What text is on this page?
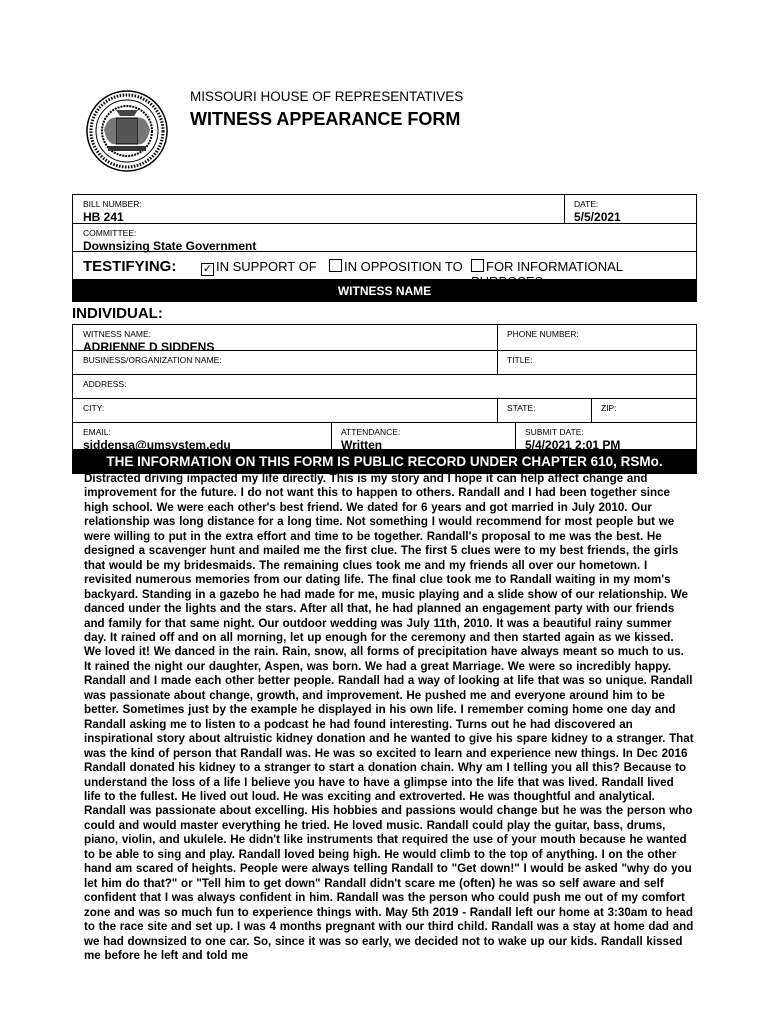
MISSOURI HOUSE OF REPRESENTATIVES
WITNESS APPEARANCE FORM
BILL NUMBER:
HB 241
DATE:
5/5/2021
COMMITTEE:
Downsizing State Government
TESTIFYING: ✓ IN SUPPORT OF	IN OPPOSITION TO	FOR INFORMATIONAL PURPOSES
WITNESS NAME
INDIVIDUAL:
WITNESS NAME:
ADRIENNE D SIDDENS
PHONE NUMBER:
BUSINESS/ORGANIZATION NAME:	TITLE:
ADDRESS:
CITY:	STATE:	ZIP:
EMAIL:
siddensa@umsystem.edu
ATTENDANCE:
Written
SUBMIT DATE:
5/4/2021 2:01 PM
THE INFORMATION ON THIS FORM IS PUBLIC RECORD UNDER CHAPTER 610, RSMo.
Distracted driving impacted my life directly. This is my story and I hope it can help affect change and improvement for the future. I do not want this to happen to others. Randall and I had been together since high school. We were each other's best friend. We dated for 6 years and got married in July 2010. Our relationship was long distance for a long time. Not something I would recommend for most people but we were willing to put in the extra effort and time to be together. Randall's proposal to me was the best. He designed a scavenger hunt and mailed me the first clue. The first 5 clues were to my best friends, the girls that would be my bridesmaids. The remaining clues took me and my friends all over our hometown. I revisited numerous memories from our dating life. The final clue took me to Randall waiting in my mom's backyard. Standing in a gazebo he had made for me, music playing and a slide show of our relationship. We danced under the lights and the stars. After all that, he had planned an engagement party with our friends and family for that same night. Our outdoor wedding was July 11th, 2010. It was a beautiful rainy summer day. It rained off and on all morning, let up enough for the ceremony and then started again as we kissed. We loved it! We danced in the rain. Rain, snow, all forms of precipitation have always meant so much to us. It rained the night our daughter, Aspen, was born. We had a great Marriage. We were so incredibly happy. Randall and I made each other better people. Randall had a way of looking at life that was so unique. Randall was passionate about change, growth, and improvement. He pushed me and everyone around him to be better. Sometimes just by the example he displayed in his own life. I remember coming home one day and Randall asking me to listen to a podcast he had found interesting. Turns out he had discovered an inspirational story about altruistic kidney donation and he wanted to give his spare kidney to a stranger. That was the kind of person that Randall was. He was so excited to learn and experience new things. In Dec 2016 Randall donated his kidney to a stranger to start a donation chain. Why am I telling you all this? Because to understand the loss of a life I believe you have to have a glimpse into the life that was lived. Randall lived life to the fullest. He lived out loud. He was exciting and extroverted. He was thoughtful and analytical. Randall was passionate about excelling. His hobbies and passions would change but he was the person who could and would master everything he tried. He loved music. Randall could play the guitar, bass, drums, piano, violin, and ukulele. He didn't like instruments that required the use of your mouth because he wanted to be able to sing and play. Randall loved being high. He would climb to the top of anything. I on the other hand am scared of heights. People were always telling Randall to "Get down!" I would be asked "why do you let him do that?" or "Tell him to get down" Randall didn't scare me (often) he was so self aware and self confident that I was always confident in him. Randall was the person who could push me out of my comfort zone and was so much fun to experience things with. May 5th 2019 - Randall left our home at 3:30am to head to the race site and set up. I was 4 months pregnant with our third child. Randall was a stay at home dad and we had downsized to one car. So, since it was so early, we decided not to wake up our kids. Randall kissed me before he left and told me
